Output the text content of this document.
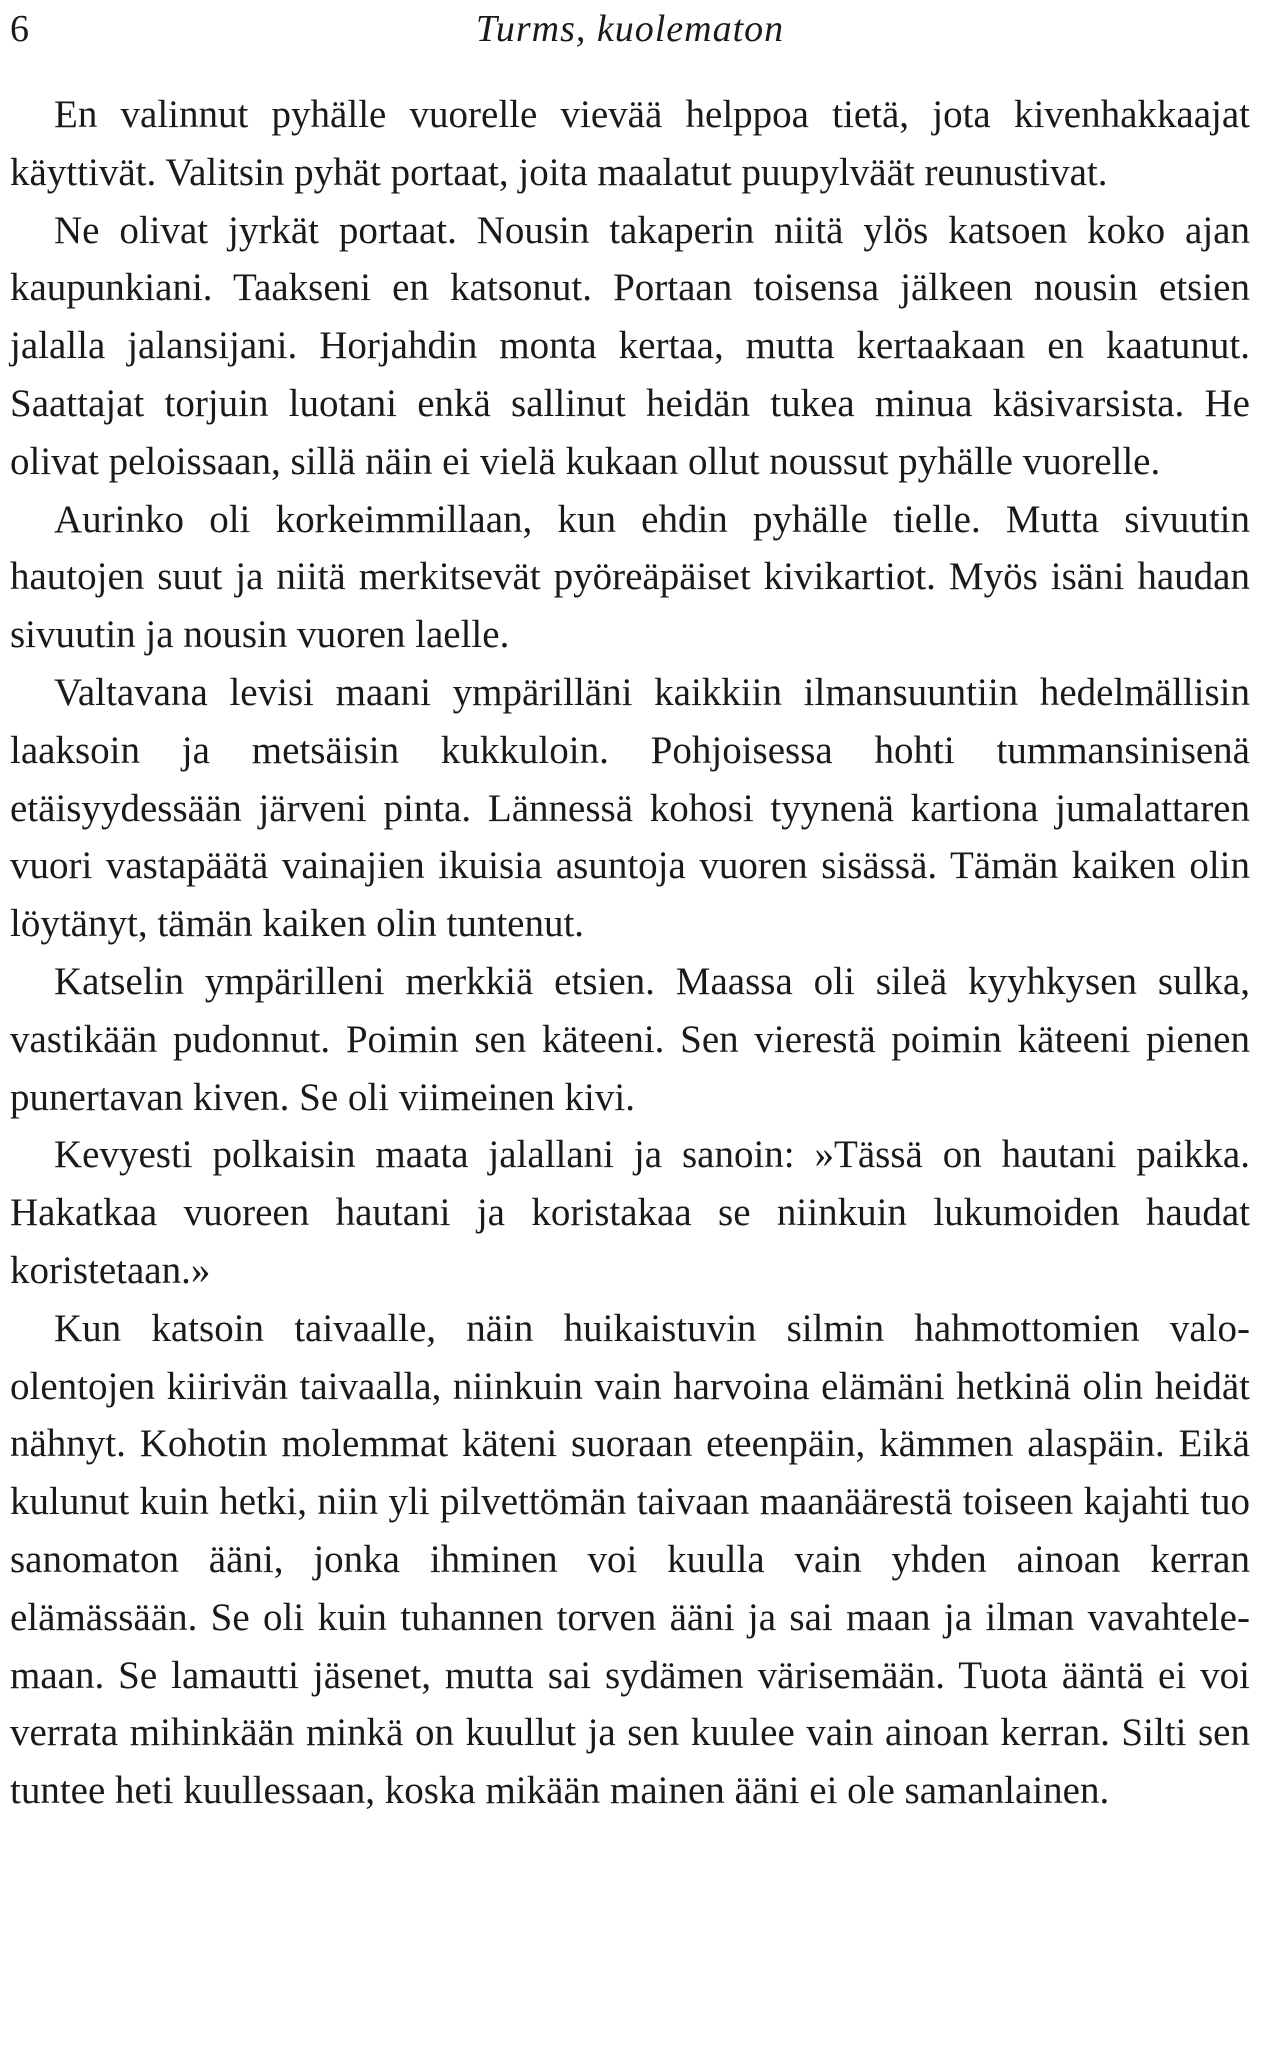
6	Turms, kuolematon

En valinnut pyhälle vuorelle vievää helppoa tietä, jota kivenhakkaajat käyttivät. Valitsin pyhät portaat, joita maalatut puupylväät reunustivat.

Ne olivat jyrkät portaat. Nousin takaperin niitä ylös katsoen koko ajan kaupunkiani. Taakseni en katsonut. Portaan toisensa jälkeen nousin etsien jalalla jalansijani. Horjahdin monta kertaa, mutta kertaakaan en kaatunut. Saattajat torjuin luotani enkä sallinut heidän tukea minua käsivarsista. He olivat peloissaan, sillä näin ei vielä kukaan ollut noussut pyhälle vuorelle.

Aurinko oli korkeimmillaan, kun ehdin pyhälle tielle. Mutta sivuutin hautojen suut ja niitä merkitsevät pyöreäpäiset kivikartiot. Myös isäni haudan sivuutin ja nousin vuoren laelle.

Valtavana levisi maani ympärilläni kaikkiin ilmansuuntiin hedelmällisin laaksoin ja metsäisin kukkuloin. Pohjoisessa hohti tummansinisenä etäisyydessään järveni pinta. Lännessä kohosi tyynenä kartiona jumalattaren vuori vastapäätä vainajien ikuisia asuntoja vuoren sisässä. Tämän kaiken olin löytänyt, tämän kaiken olin tuntenut.

Katselin ympärilleni merkkiä etsien. Maassa oli sileä kyyhkysen sulka, vastikään pudonnut. Poimin sen käteeni. Sen vierestä poimin käteeni pienen punertavan kiven. Se oli viimeinen kivi.

Kevyesti polkaisin maata jalallani ja sanoin: »Tässä on hautani paikka. Hakatkaa vuoreen hautani ja koristakaa se niinkuin lukumoiden haudat koristetaan.»

Kun katsoin taivaalle, näin huikaistuvin silmin hahmottomien valo-olentojen kiirivän taivaalla, niinkuin vain harvoina elämäni hetkinä olin heidät nähnyt. Kohotin molemmat käteni suoraan eteenpäin, kämmen alaspäin. Eikä kulunut kuin hetki, niin yli pilvettömän taivaan maanäärestä toiseen kajahti tuo sanomaton ääni, jonka ihminen voi kuulla vain yhden ainoan kerran elämässään. Se oli kuin tuhannen torven ääni ja sai maan ja ilman vavahtelemaan. Se lamautti jäsenet, mutta sai sydämen värisemään. Tuota ääntä ei voi verrata mihinkään minkä on kuullut ja sen kuulee vain ainoan kerran. Silti sen tuntee heti kuullessaan, koska mikään mainen ääni ei ole samanlainen.
